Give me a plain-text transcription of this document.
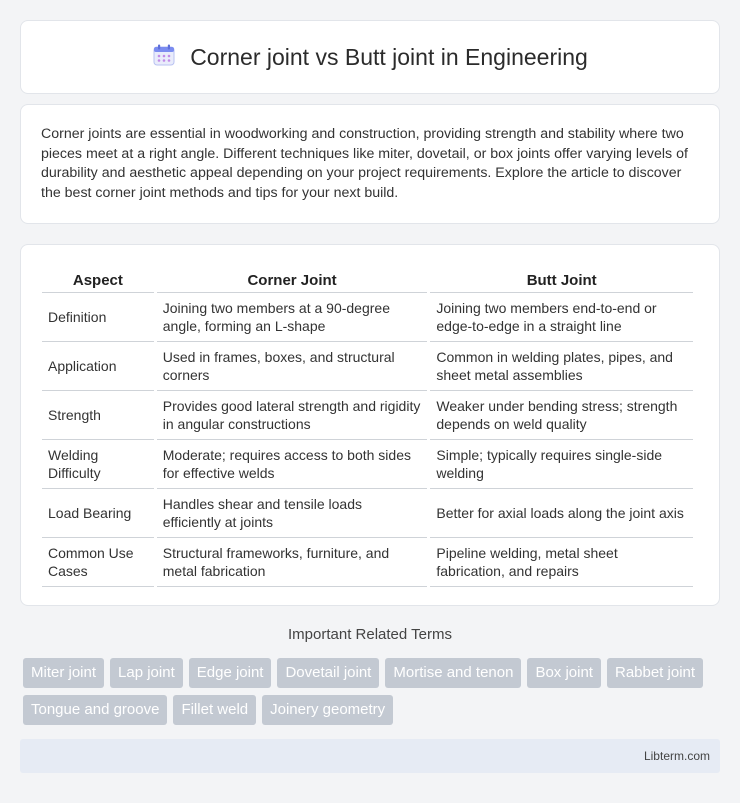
Corner joint vs Butt joint in Engineering

Corner joints are essential in woodworking and construction, providing strength and stability where two pieces meet at a right angle. Different techniques like miter, dovetail, or box joints offer varying levels of durability and aesthetic appeal depending on your project requirements. Explore the article to discover the best corner joint methods and tips for your next build.

Aspect	Corner Joint	Butt Joint
Definition	Joining two members at a 90-degree angle, forming an L-shape	Joining two members end-to-end or edge-to-edge in a straight line
Application	Used in frames, boxes, and structural corners	Common in welding plates, pipes, and sheet metal assemblies
Strength	Provides good lateral strength and rigidity in angular constructions	Weaker under bending stress; strength depends on weld quality
Welding Difficulty	Moderate; requires access to both sides for effective welds	Simple; typically requires single-side welding
Load Bearing	Handles shear and tensile loads efficiently at joints	Better for axial loads along the joint axis
Common Use Cases	Structural frameworks, furniture, and metal fabrication	Pipeline welding, metal sheet fabrication, and repairs
Important Related Terms
Miter joint	Lap joint	Edge joint	Dovetail joint	Mortise and tenon	Box joint	Rabbet joint
Tongue and groove	Fillet weld	Joinery geometry
Libterm.com
